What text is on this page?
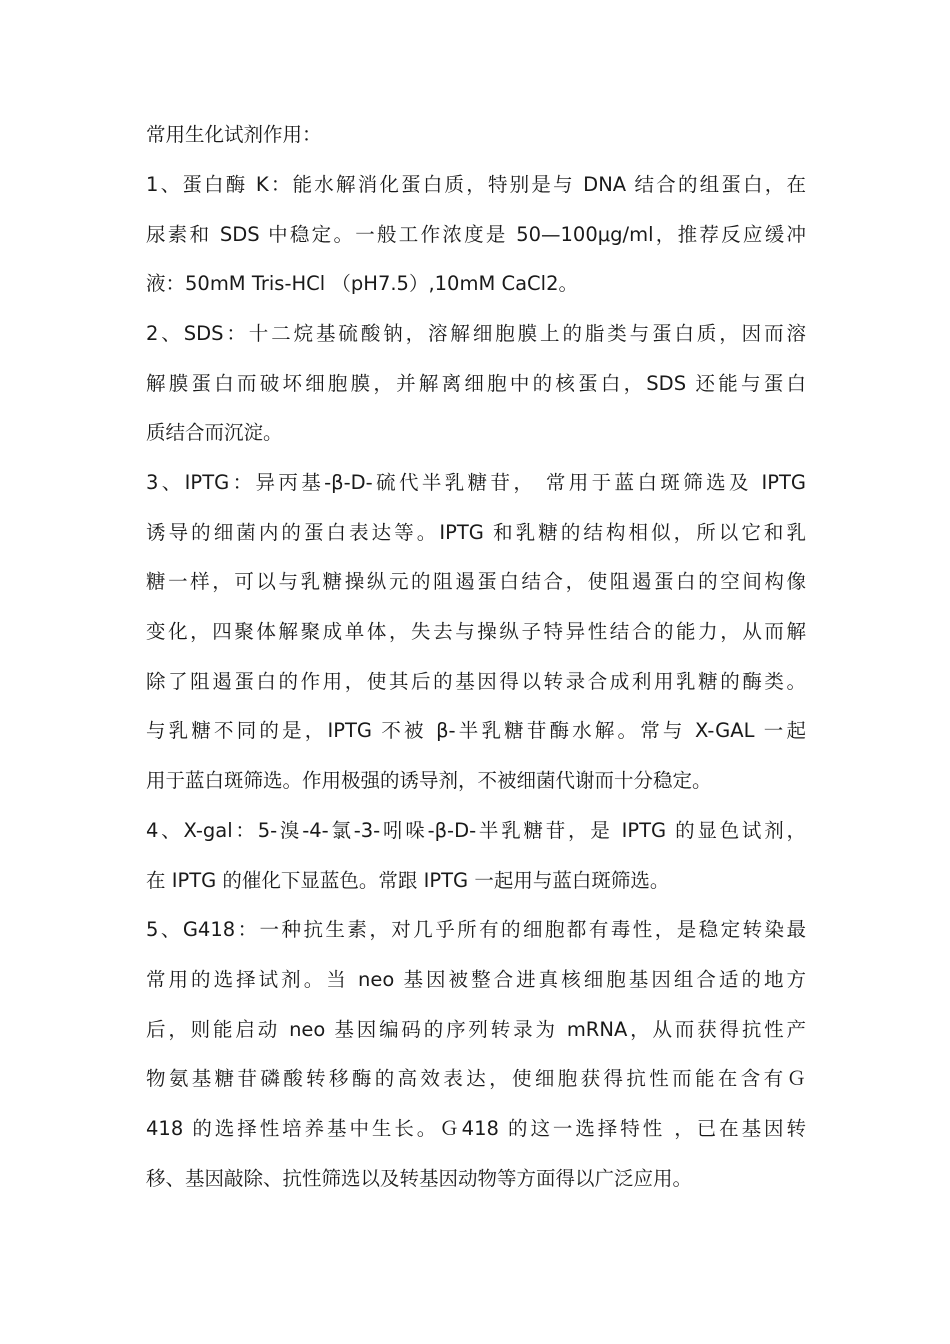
常用生化试剂作用：
1、蛋白酶 K：能水解消化蛋白质，特别是与 DNA 结合的组蛋白，在
尿素和 SDS 中稳定。一般工作浓度是 50—100μg/ml，推荐反应缓冲
液：50mM Tris-HCl （pH7.5）,10mM CaCl2。
2、SDS：十二烷基硫酸钠，溶解细胞膜上的脂类与蛋白质，因而溶
解膜蛋白而破坏细胞膜，并解离细胞中的核蛋白，SDS 还能与蛋白
质结合而沉淀。
3、IPTG：异丙基-β-D-硫代半乳糖苷， 常用于蓝白斑筛选及 IPTG
诱导的细菌内的蛋白表达等。IPTG 和乳糖的结构相似，所以它和乳
糖一样，可以与乳糖操纵元的阻遏蛋白结合，使阻遏蛋白的空间构像
变化，四聚体解聚成单体，失去与操纵子特异性结合的能力，从而解
除了阻遏蛋白的作用，使其后的基因得以转录合成利用乳糖的酶类。
与乳糖不同的是，IPTG 不被 β-半乳糖苷酶水解。常与 X-GAL 一起
用于蓝白斑筛选。作用极强的诱导剂，不被细菌代谢而十分稳定。
4、X-gal：5-溴-4-氯-3-吲哚-β-D-半乳糖苷，是 IPTG 的显色试剂，
在 IPTG 的催化下显蓝色。常跟 IPTG 一起用与蓝白斑筛选。
5、G418：一种抗生素，对几乎所有的细胞都有毒性，是稳定转染最
常用的选择试剂。当 neo 基因被整合进真核细胞基因组合适的地方
后，则能启动 neo 基因编码的序列转录为 mRNA，从而获得抗性产
物氨基糖苷磷酸转移酶的高效表达，使细胞获得抗性而能在含有Ｇ
418 的选择性培养基中生长。Ｇ418 的这一选择特性 ，已在基因转
移、基因敲除、抗性筛选以及转基因动物等方面得以广泛应用。
